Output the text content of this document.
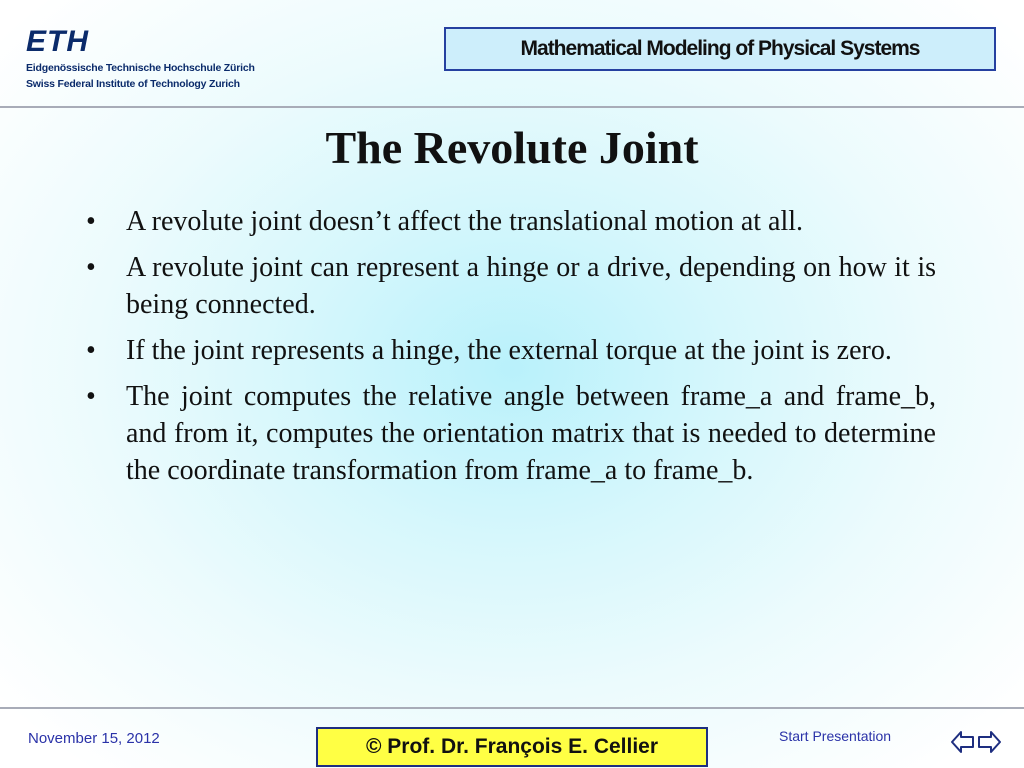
ETH
Eidgenössische Technische Hochschule Zürich
Swiss Federal Institute of Technology Zurich
Mathematical Modeling of Physical Systems
The Revolute Joint
• A revolute joint doesn’t affect the translational motion at all.
• A revolute joint can represent a hinge or a drive, depending on how it is being connected.
• If the joint represents a hinge, the external torque at the joint is zero.
• The joint computes the relative angle between frame_a and frame_b, and from it, computes the orientation matrix that is needed to determine the coordinate transformation from frame_a to frame_b.
November 15, 2012	© Prof. Dr. François E. Cellier	Start Presentation
